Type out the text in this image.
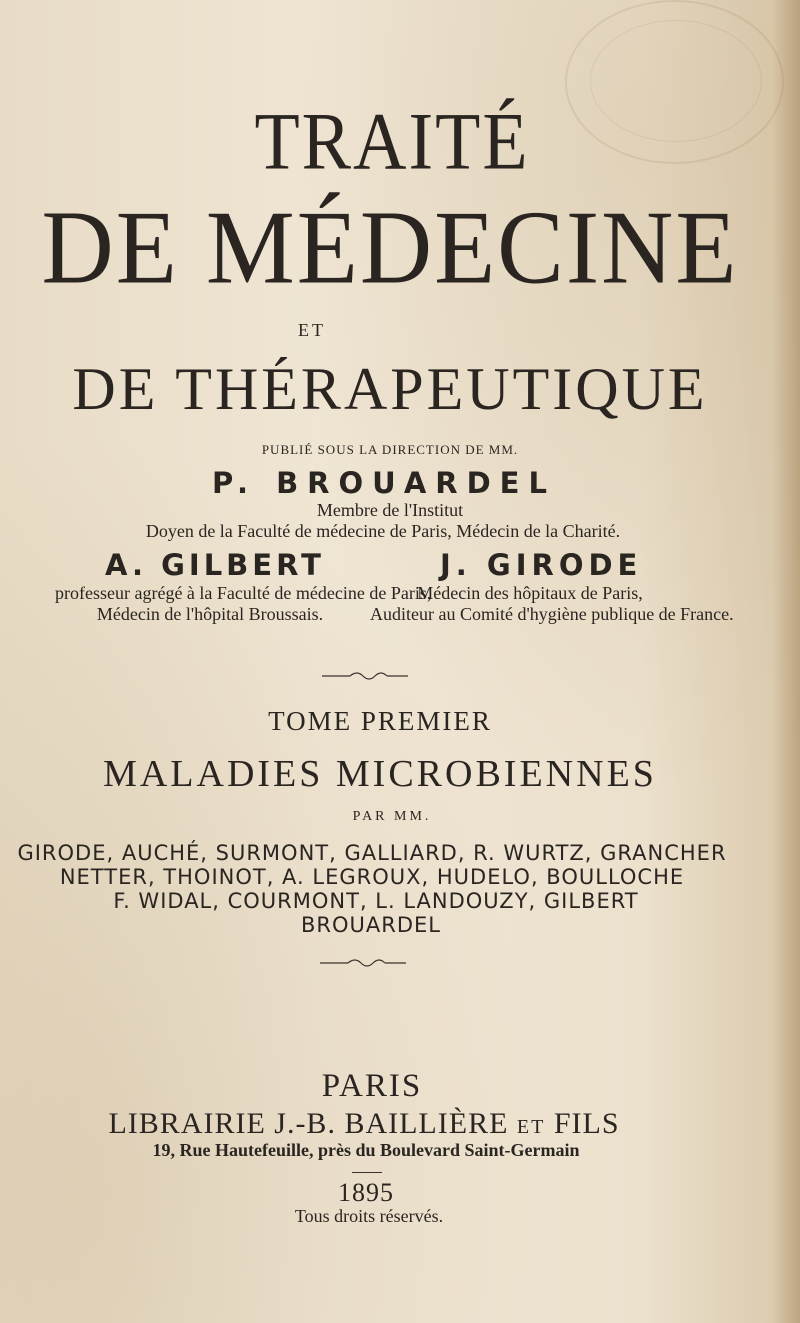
TRAITÉ
DE MÉDECINE
ET
DE THÉRAPEUTIQUE
PUBLIÉ SOUS LA DIRECTION DE MM.
P. BROUARDEL
Membre de l'Institut
Doyen de la Faculté de médecine de Paris, Médecin de la Charité.
A. GILBERT	J. GIRODE
professeur agrégé à la Faculté de médecine de Paris,
Médecin de l'hôpital Broussais.
Médecin des hôpitaux de Paris,
Auditeur au Comité d'hygiène publique de France.
TOME PREMIER
MALADIES MICROBIENNES
PAR MM.
GIRODE, AUCHÉ, SURMONT, GALLIARD, R. WURTZ, GRANCHER
NETTER, THOINOT, A. LEGROUX, HUDELO, BOULLOCHE
F. WIDAL, COURMONT, L. LANDOUZY, GILBERT
BROUARDEL
PARIS
LIBRAIRIE J.-B. BAILLIÈRE ET FILS
19, Rue Hautefeuille, près du Boulevard Saint-Germain
1895
Tous droits réservés.
